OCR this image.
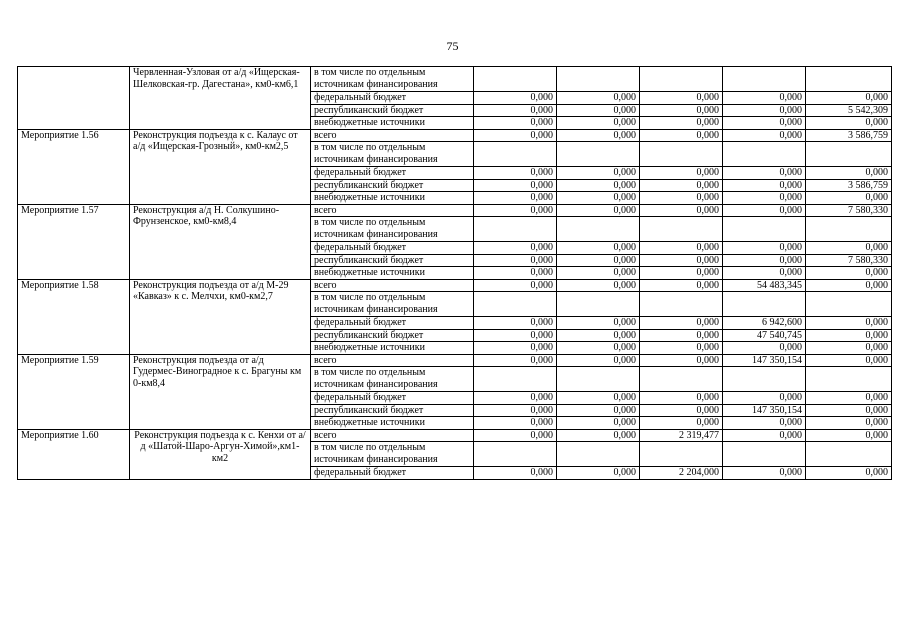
75
	Червленная-Узловая от а/д «Ищерская-Шелковская-гр. Дагестана», км0-км6,1	в том числе по отдельным источникам финансирования					
		федеральный бюджет	0,000	0,000	0,000	0,000	0,000
		республиканский бюджет	0,000	0,000	0,000	0,000	5 542,309
		внебюджетные источники	0,000	0,000	0,000	0,000	0,000
Мероприятие 1.56	Реконструкция подъезда к с. Калаус от а/д «Ищерская-Грозный», км0-км2,5	всего	0,000	0,000	0,000	0,000	3 586,759
		в том числе по отдельным источникам финансирования					
		федеральный бюджет	0,000	0,000	0,000	0,000	0,000
		республиканский бюджет	0,000	0,000	0,000	0,000	3 586,759
		внебюджетные источники	0,000	0,000	0,000	0,000	0,000
Мероприятие 1.57	Реконструкция а/д Н. Солкушино-Фрунзенское, км0-км8,4	всего	0,000	0,000	0,000	0,000	7 580,330
		в том числе по отдельным источникам финансирования					
		федеральный бюджет	0,000	0,000	0,000	0,000	0,000
		республиканский бюджет	0,000	0,000	0,000	0,000	7 580,330
		внебюджетные источники	0,000	0,000	0,000	0,000	0,000
Мероприятие 1.58	Реконструкция подъезда от а/д М-29 «Кавказ» к с. Мелчхи, км0-км2,7	всего	0,000	0,000	0,000	54 483,345	0,000
		в том числе по отдельным источникам финансирования					
		федеральный бюджет	0,000	0,000	0,000	6 942,600	0,000
		республиканский бюджет	0,000	0,000	0,000	47 540,745	0,000
		внебюджетные источники	0,000	0,000	0,000	0,000	0,000
Мероприятие 1.59	Реконструкция подъезда от а/д Гудермес-Виноградное к с. Брагуны км 0-км8,4	всего	0,000	0,000	0,000	147 350,154	0,000
		в том числе по отдельным источникам финансирования					
		федеральный бюджет	0,000	0,000	0,000	0,000	0,000
		республиканский бюджет	0,000	0,000	0,000	147 350,154	0,000
		внебюджетные источники	0,000	0,000	0,000	0,000	0,000
Мероприятие 1.60	Реконструкция подъезда к с. Кенхи от а/д «Шатой-Шаро-Аргун-Химой»,км1-км2	всего	0,000	0,000	2 319,477	0,000	0,000
		в том числе по отдельным источникам финансирования					
		федеральный бюджет	0,000	0,000	2 204,000	0,000	0,000
